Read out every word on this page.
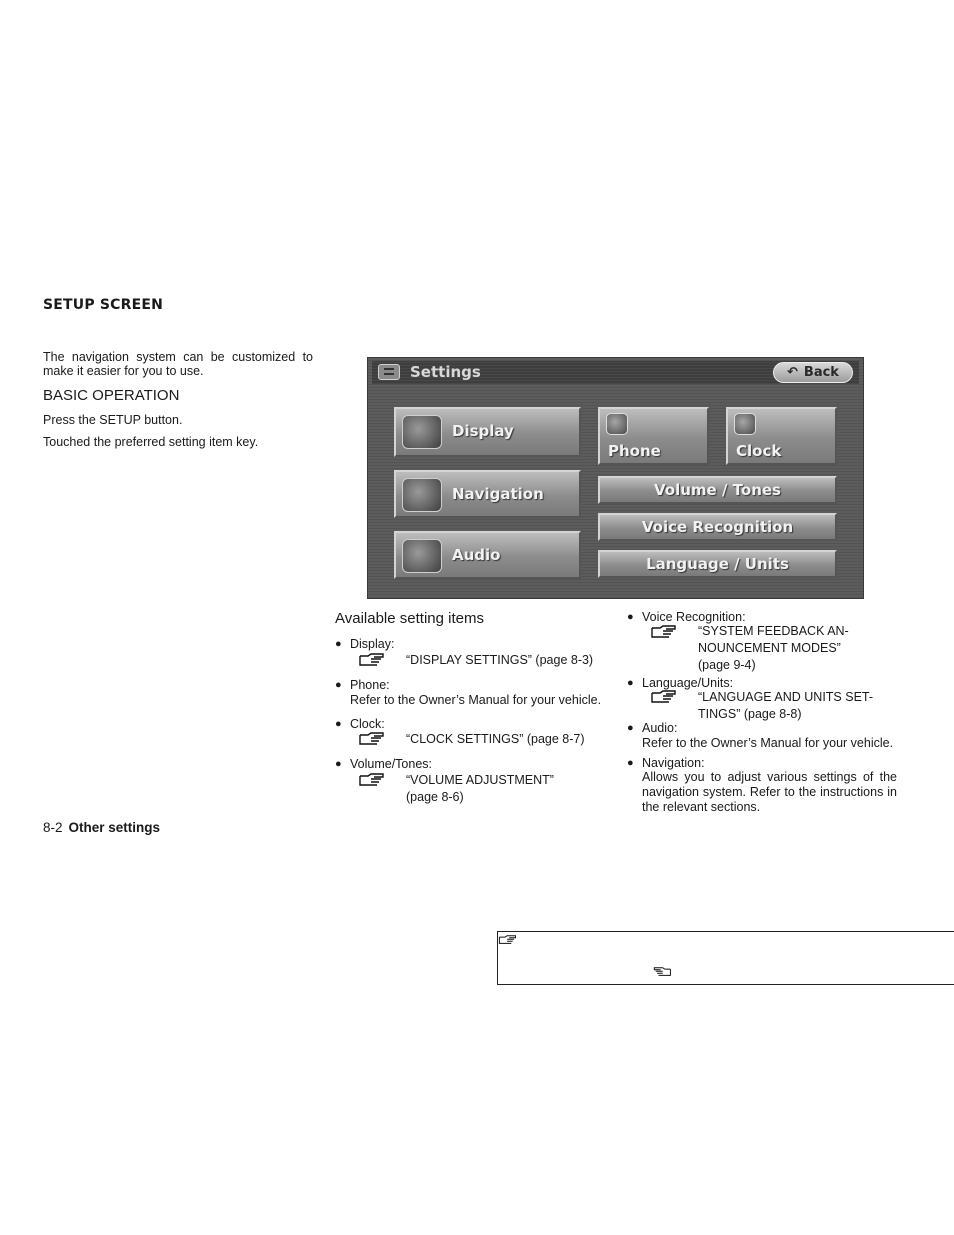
SETUP SCREEN
The navigation system can be customized to make it easier for you to use.
BASIC OPERATION
Press the SETUP button.
Touched the preferred setting item key.
Settings	↶ Back
Display
Phone	Clock
Navigation	Volume / Tones
Voice Recognition
Audio	Language / Units
Available setting items
● Display:
“DISPLAY SETTINGS” (page 8-3)
● Phone:
Refer to the Owner’s Manual for your vehicle.
● Clock:
“CLOCK SETTINGS” (page 8-7)
● Volume/Tones:
“VOLUME ADJUSTMENT”
(page 8-6)
● Voice Recognition:
“SYSTEM FEEDBACK AN-
NOUNCEMENT MODES”
(page 9-4)
● Language/Units:
“LANGUAGE AND UNITS SET-
TINGS” (page 8-8)
● Audio:
Refer to the Owner’s Manual for your vehicle.
● Navigation:
Allows you to adjust various settings of the navigation system. Refer to the instructions in the relevant sections.
8-2 Other settings
